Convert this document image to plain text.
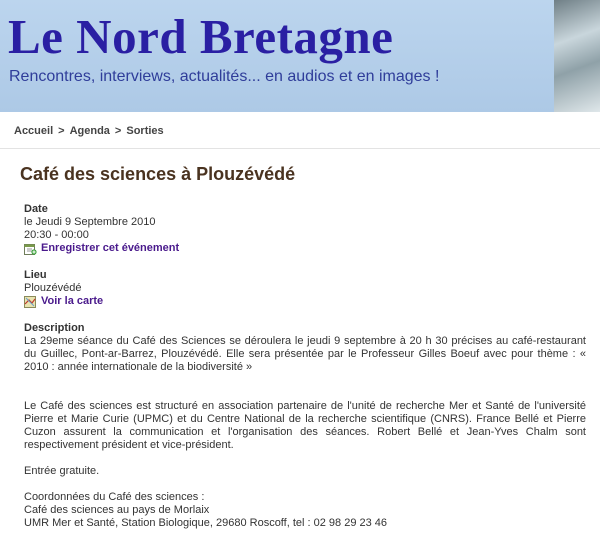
Le Nord Bretagne
Rencontres, interviews, actualités... en audios et en images !
Accueil > Agenda > Sorties
Café des sciences à Plouzévédé
Date
le Jeudi 9 Septembre 2010
20:30 - 00:00
Enregistrer cet événement
Lieu
Plouzévédé
Voir la carte
Description

La 29eme séance du Café des Sciences se déroulera le jeudi 9 septembre à 20 h 30 précises au café-restaurant du Guillec, Pont-ar-Barrez, Plouzévédé. Elle sera présentée par le Professeur Gilles Boeuf avec pour thème : « 2010 : année internationale de la biodiversité »

Le Café des sciences est structuré en association partenaire de l'unité de recherche Mer et Santé de l'université Pierre et Marie Curie (UPMC) et du Centre National de la recherche scientifique (CNRS). France Bellé et Pierre Cuzon assurent la communication et l'organisation des séances. Robert Bellé et Jean-Yves Chalm sont respectivement président et vice-président.

Entrée gratuite.

Coordonnées du Café des sciences :
Café des sciences au pays de Morlaix
UMR Mer et Santé, Station Biologique, 29680 Roscoff, tel : 02 98 29 23 46
